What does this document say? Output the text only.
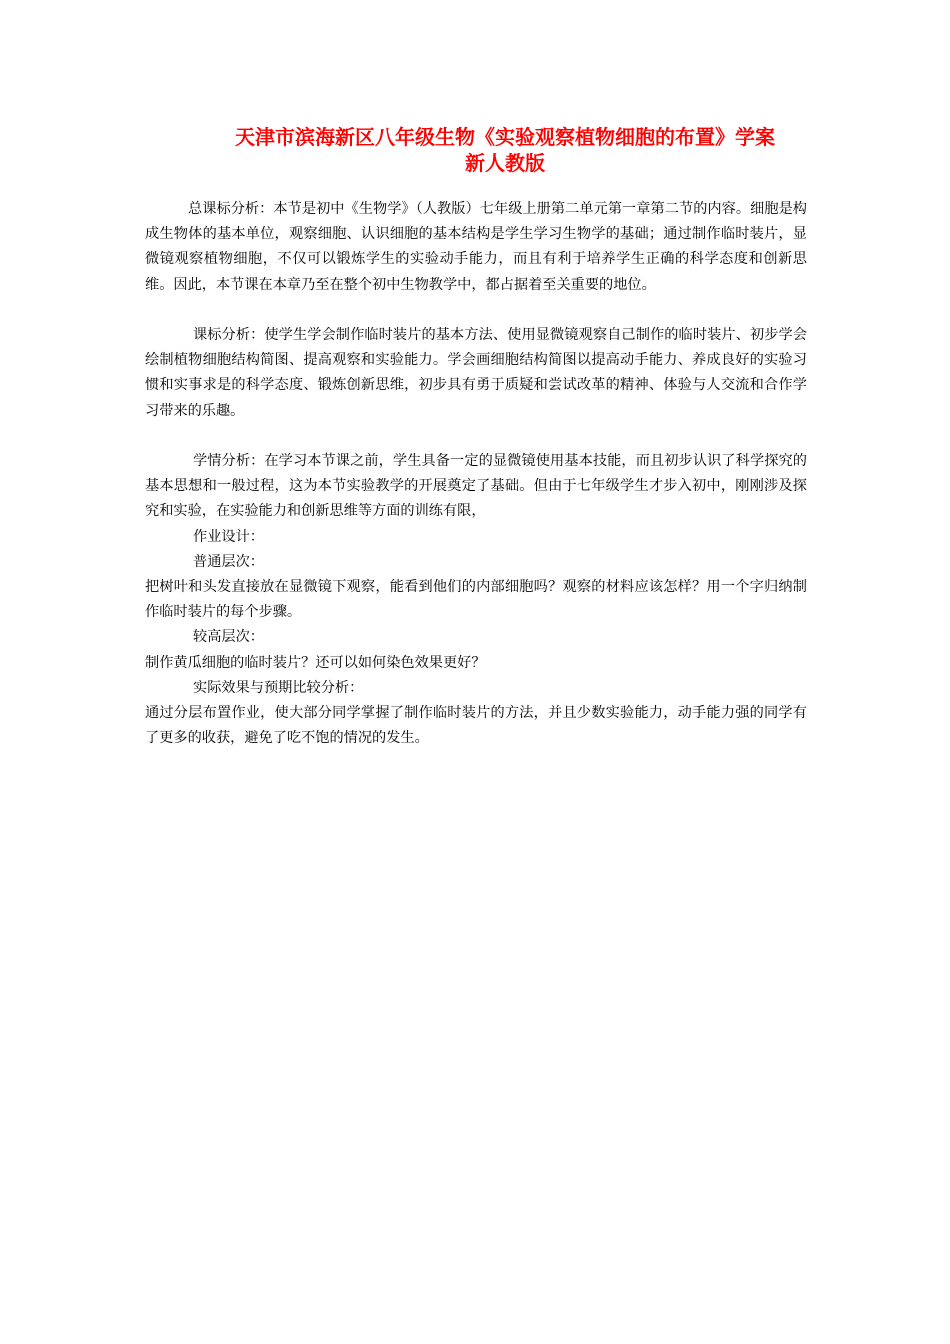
天津市滨海新区八年级生物《实验观察植物细胞的布置》学案
新人教版

总课标分析：本节是初中《生物学》（人教版）七年级上册第二单元第一章第二节的内容。细胞是构成生物体的基本单位，观察细胞、认识细胞的基本结构是学生学习生物学的基础；通过制作临时装片，显微镜观察植物细胞，不仅可以锻炼学生的实验动手能力，而且有利于培养学生正确的科学态度和创新思维。因此，本节课在本章乃至在整个初中生物教学中，都占据着至关重要的地位。

课标分析：使学生学会制作临时装片的基本方法、使用显微镜观察自己制作的临时装片、初步学会绘制植物细胞结构简图、提高观察和实验能力。学会画细胞结构简图以提高动手能力、养成良好的实验习惯和实事求是的科学态度、锻炼创新思维，初步具有勇于质疑和尝试改革的精神、体验与人交流和合作学习带来的乐趣。

学情分析：在学习本节课之前，学生具备一定的显微镜使用基本技能，而且初步认识了科学探究的基本思想和一般过程，这为本节实验教学的开展奠定了基础。但由于七年级学生才步入初中，刚刚涉及探究和实验，在实验能力和创新思维等方面的训练有限，

作业设计：

普通层次：

把树叶和头发直接放在显微镜下观察，能看到他们的内部细胞吗？观察的材料应该怎样？用一个字归纳制作临时装片的每个步骤。

较高层次：

制作黄瓜细胞的临时装片？还可以如何染色效果更好？

实际效果与预期比较分析：

通过分层布置作业，使大部分同学掌握了制作临时装片的方法，并且少数实验能力，动手能力强的同学有了更多的收获，避免了吃不饱的情况的发生。
